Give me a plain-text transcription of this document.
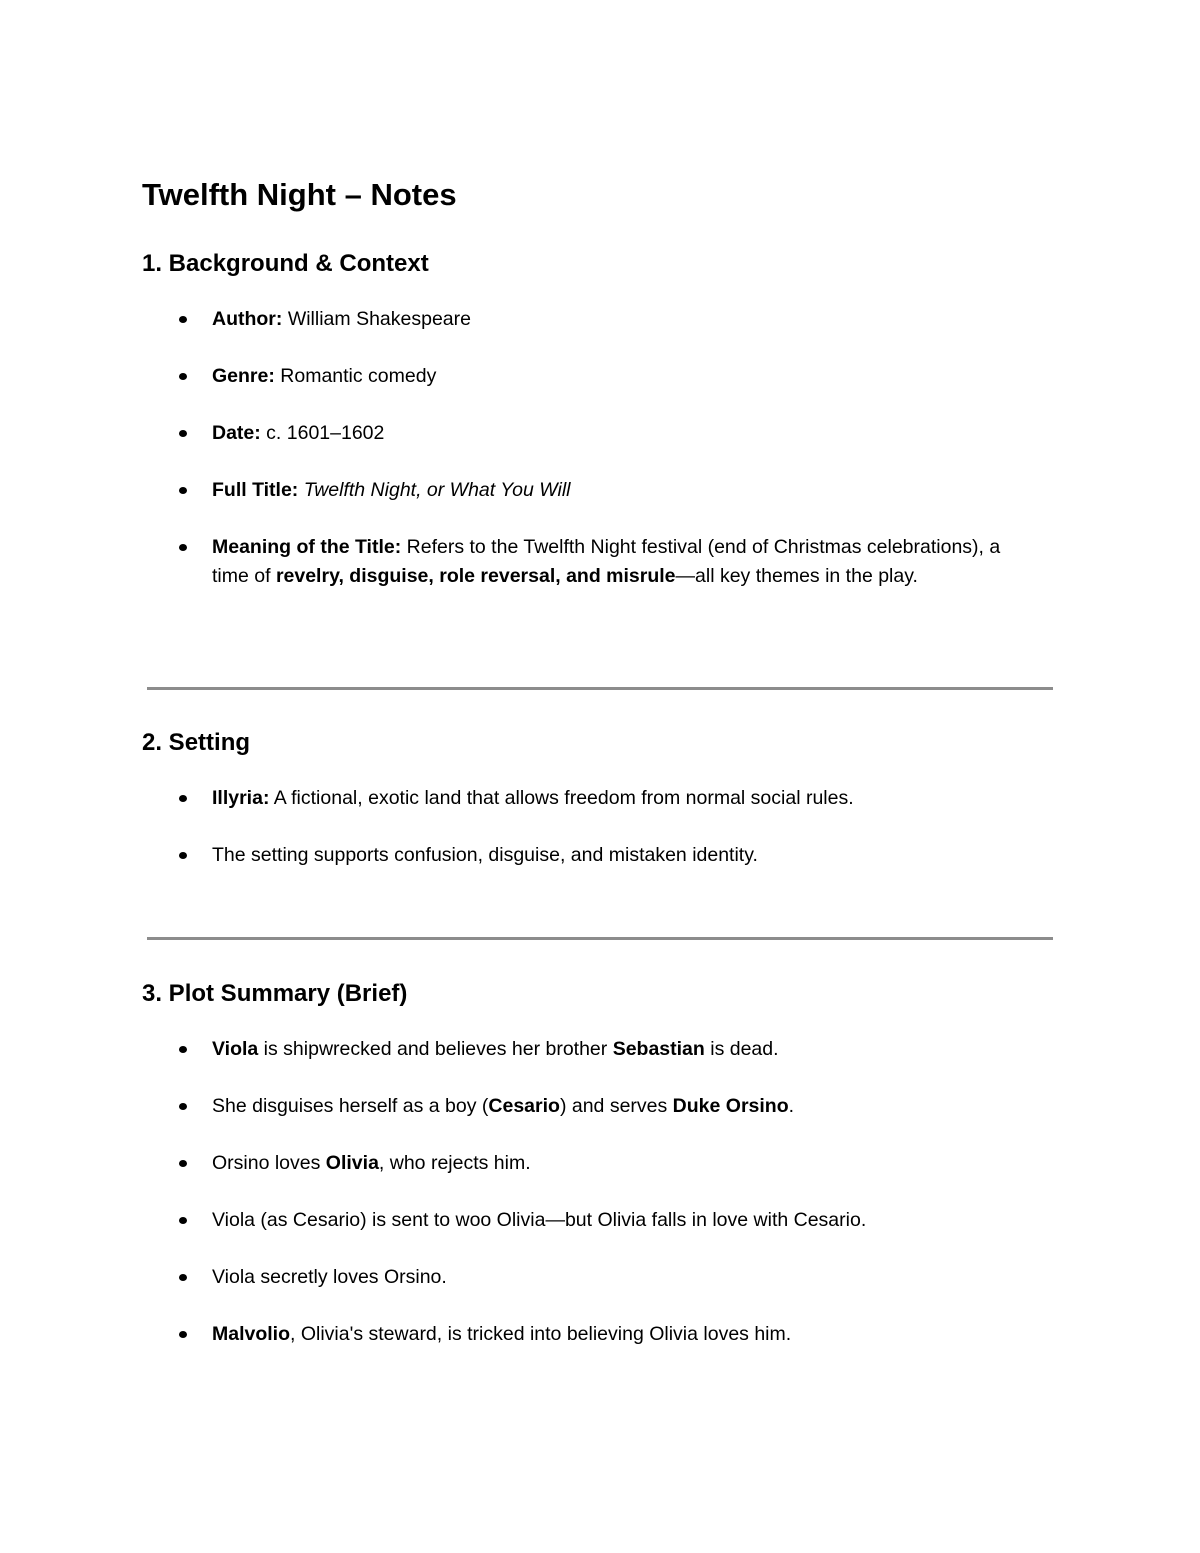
Twelfth Night – Notes
1. Background & Context
Author: William Shakespeare
Genre: Romantic comedy
Date: c. 1601–1602
Full Title: Twelfth Night, or What You Will
Meaning of the Title: Refers to the Twelfth Night festival (end of Christmas celebrations), a time of revelry, disguise, role reversal, and misrule—all key themes in the play.
2. Setting
Illyria: A fictional, exotic land that allows freedom from normal social rules.
The setting supports confusion, disguise, and mistaken identity.
3. Plot Summary (Brief)
Viola is shipwrecked and believes her brother Sebastian is dead.
She disguises herself as a boy (Cesario) and serves Duke Orsino.
Orsino loves Olivia, who rejects him.
Viola (as Cesario) is sent to woo Olivia—but Olivia falls in love with Cesario.
Viola secretly loves Orsino.
Malvolio, Olivia's steward, is tricked into believing Olivia loves him.
